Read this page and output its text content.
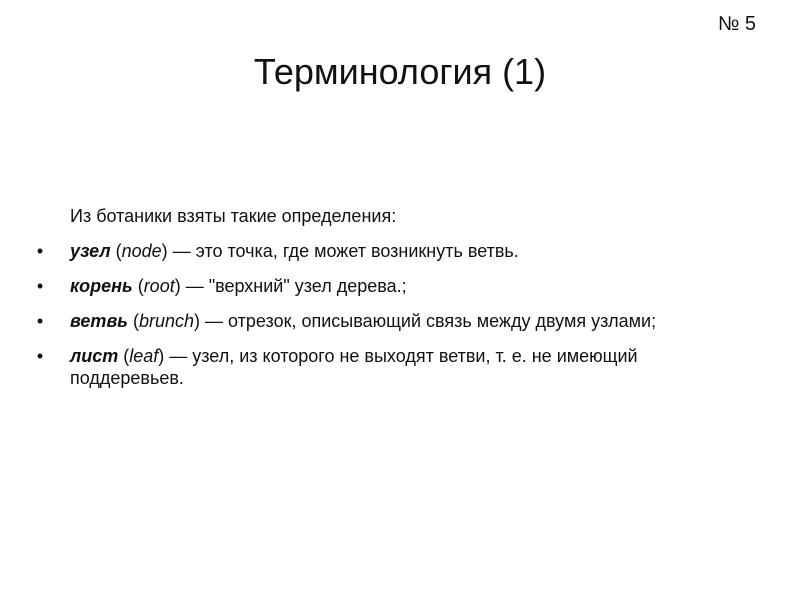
№ 5
Терминология (1)

Из ботаники взяты такие определения:

• узел (node) — это точка, где может возникнуть ветвь.
• корень (root) — "верхний" узел дерева.;
• ветвь (brunch) — отрезок, описывающий связь между двумя узлами;
• лист (leaf) — узел, из которого не выходят ветви, т. е. не имеющий поддеревьев.
